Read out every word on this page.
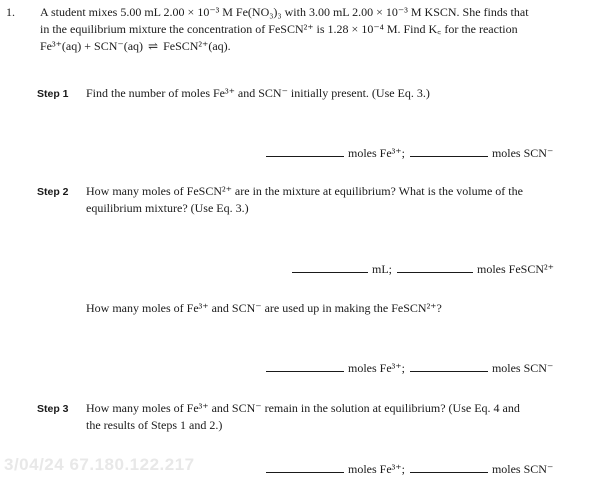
1. A student mixes 5.00 mL 2.00 × 10⁻³ M Fe(NO₃)₃ with 3.00 mL 2.00 × 10⁻³ M KSCN. She finds that
in the equilibrium mixture the concentration of FeSCN²⁺ is 1.28 × 10⁻⁴ M. Find K꜀ for the reaction
Fe³⁺(aq) + SCN⁻(aq) ⇌ FeSCN²⁺(aq).
Step 1 Find the number of moles Fe³⁺ and SCN⁻ initially present. (Use Eq. 3.)
moles Fe³⁺;	moles SCN⁻
Step 2 How many moles of FeSCN²⁺ are in the mixture at equilibrium? What is the volume of the
equilibrium mixture? (Use Eq. 3.)
mL;	moles FeSCN²⁺
How many moles of Fe³⁺ and SCN⁻ are used up in making the FeSCN²⁺?
moles Fe³⁺;	moles SCN⁻
Step 3 How many moles of Fe³⁺ and SCN⁻ remain in the solution at equilibrium? (Use Eq. 4 and
the results of Steps 1 and 2.)
3/04/24 67.180.122.217	moles Fe³⁺;	moles SCN⁻
